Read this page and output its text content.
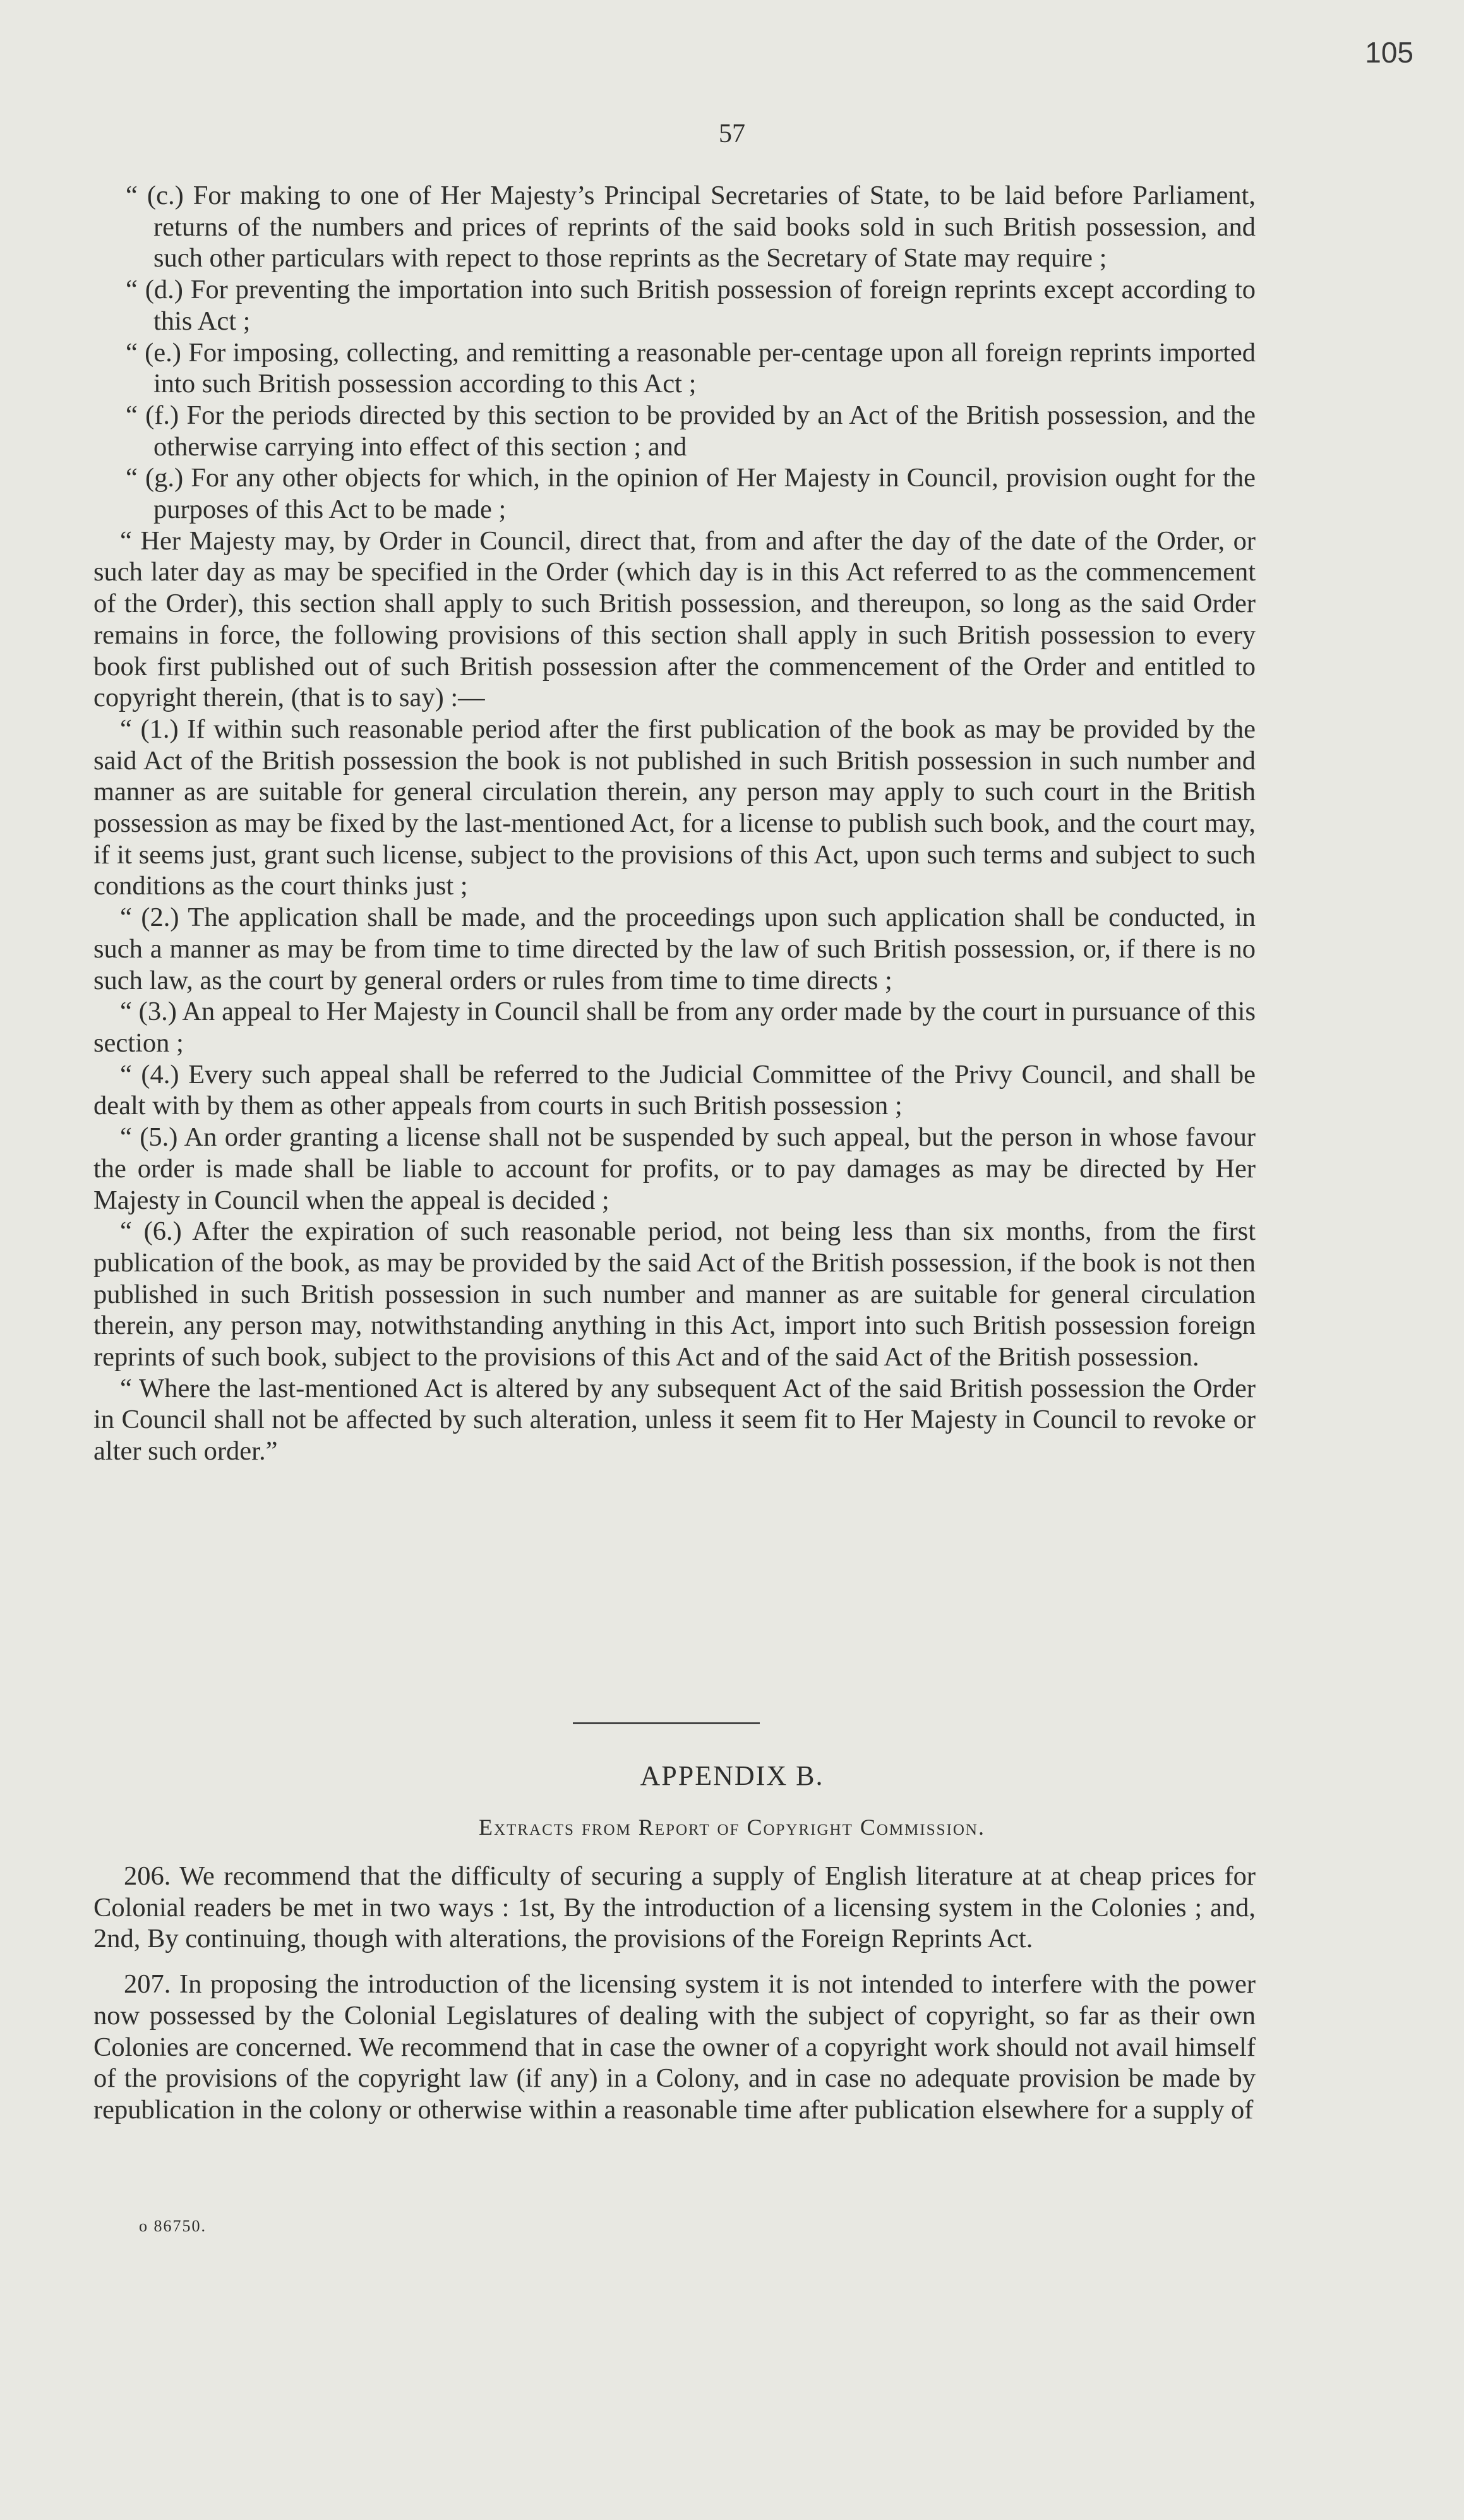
105
57

“ (c.) For making to one of Her Majesty’s Principal Secretaries of State, to be laid before Parliament, returns of the numbers and prices of reprints of the said books sold in such British possession, and such other particulars with repect to those reprints as the Secretary of State may require ;

“ (d.) For preventing the importation into such British possession of foreign reprints except according to this Act ;

“ (e.) For imposing, collecting, and remitting a reasonable per-centage upon all foreign reprints imported into such British possession according to this Act ;

“ (f.) For the periods directed by this section to be provided by an Act of the British possession, and the otherwise carrying into effect of this section ; and

“ (g.) For any other objects for which, in the opinion of Her Majesty in Council, provision ought for the purposes of this Act to be made ;

“ Her Majesty may, by Order in Council, direct that, from and after the day of the date of the Order, or such later day as may be specified in the Order (which day is in this Act referred to as the commencement of the Order), this section shall apply to such British possession, and thereupon, so long as the said Order remains in force, the following provisions of this section shall apply in such British possession to every book first published out of such British possession after the commencement of the Order and entitled to copyright therein, (that is to say) :—

“ (1.) If within such reasonable period after the first publication of the book as may be provided by the said Act of the British possession the book is not published in such British possession in such number and manner as are suitable for general circulation therein, any person may apply to such court in the British possession as may be fixed by the last-mentioned Act, for a license to publish such book, and the court may, if it seems just, grant such license, subject to the provisions of this Act, upon such terms and subject to such conditions as the court thinks just ;

“ (2.) The application shall be made, and the proceedings upon such application shall be conducted, in such a manner as may be from time to time directed by the law of such British possession, or, if there is no such law, as the court by general orders or rules from time to time directs ;

“ (3.) An appeal to Her Majesty in Council shall be from any order made by the court in pursuance of this section ;

“ (4.) Every such appeal shall be referred to the Judicial Committee of the Privy Council, and shall be dealt with by them as other appeals from courts in such British possession ;

“ (5.) An order granting a license shall not be suspended by such appeal, but the person in whose favour the order is made shall be liable to account for profits, or to pay damages as may be directed by Her Majesty in Council when the appeal is decided ;

“ (6.) After the expiration of such reasonable period, not being less than six months, from the first publication of the book, as may be provided by the said Act of the British possession, if the book is not then published in such British possession in such number and manner as are suitable for general circulation therein, any person may, notwithstanding anything in this Act, import into such British possession foreign reprints of such book, subject to the provisions of this Act and of the said Act of the British possession.

“ Where the last-mentioned Act is altered by any subsequent Act of the said British possession the Order in Council shall not be affected by such alteration, unless it seem fit to Her Majesty in Council to revoke or alter such order.”

APPENDIX B.
Extracts from Report of Copyright Commission.

206. We recommend that the difficulty of securing a supply of English literature at at cheap prices for Colonial readers be met in two ways : 1st, By the introduction of a licensing system in the Colonies ; and, 2nd, By continuing, though with alterations, the provisions of the Foreign Reprints Act.

207. In proposing the introduction of the licensing system it is not intended to interfere with the power now possessed by the Colonial Legislatures of dealing with the subject of copyright, so far as their own Colonies are concerned. We recommend that in case the owner of a copyright work should not avail himself of the provisions of the copyright law (if any) in a Colony, and in case no adequate provision be made by republication in the colony or otherwise within a reasonable time after publication elsewhere for a supply of

o 86750.
